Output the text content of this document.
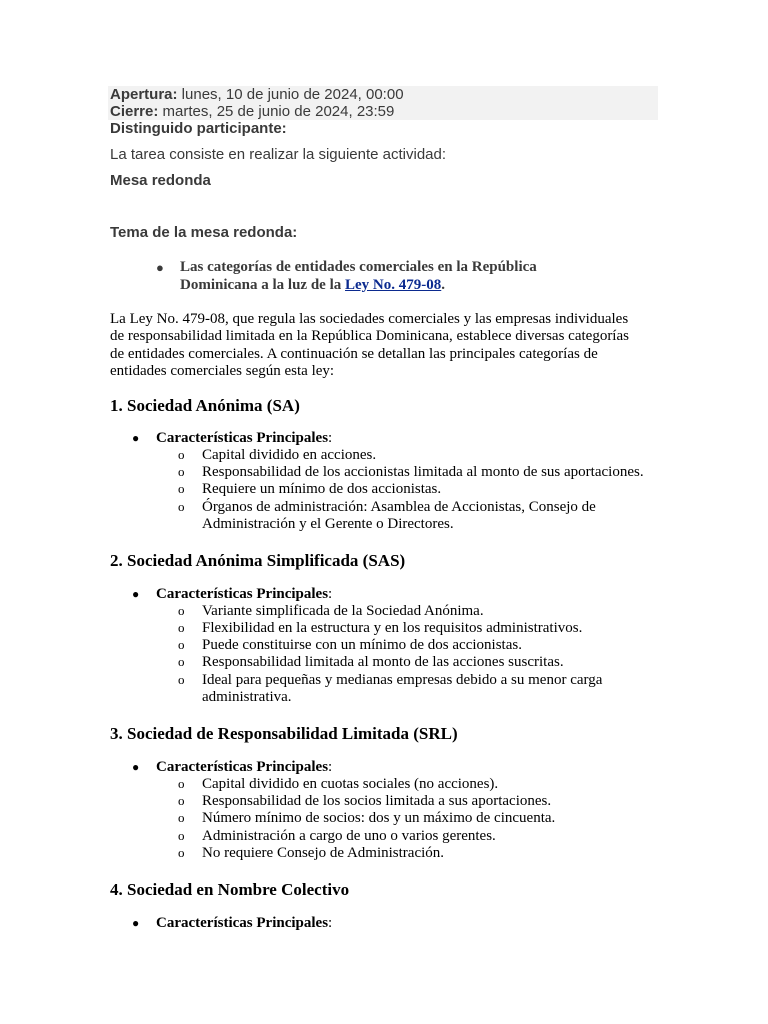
Apertura: lunes, 10 de junio de 2024, 00:00
Cierre: martes, 25 de junio de 2024, 23:59
Distinguido participante:
La tarea consiste en realizar la siguiente actividad:
Mesa redonda
Tema de la mesa redonda:
● Las categorías de entidades comerciales en la República
Dominicana a la luz de la Ley No. 479-08.
La Ley No. 479-08, que regula las sociedades comerciales y las empresas individuales
de responsabilidad limitada en la República Dominicana, establece diversas categorías
de entidades comerciales. A continuación se detallan las principales categorías de
entidades comerciales según esta ley:
1. Sociedad Anónima (SA)
● Características Principales:
o Capital dividido en acciones.
o Responsabilidad de los accionistas limitada al monto de sus aportaciones.
o Requiere un mínimo de dos accionistas.
o Órganos de administración: Asamblea de Accionistas, Consejo de
Administración y el Gerente o Directores.
2. Sociedad Anónima Simplificada (SAS)
● Características Principales:
o Variante simplificada de la Sociedad Anónima.
o Flexibilidad en la estructura y en los requisitos administrativos.
o Puede constituirse con un mínimo de dos accionistas.
o Responsabilidad limitada al monto de las acciones suscritas.
o Ideal para pequeñas y medianas empresas debido a su menor carga
administrativa.
3. Sociedad de Responsabilidad Limitada (SRL)
● Características Principales:
o Capital dividido en cuotas sociales (no acciones).
o Responsabilidad de los socios limitada a sus aportaciones.
o Número mínimo de socios: dos y un máximo de cincuenta.
o Administración a cargo de uno o varios gerentes.
o No requiere Consejo de Administración.
4. Sociedad en Nombre Colectivo
● Características Principales:
